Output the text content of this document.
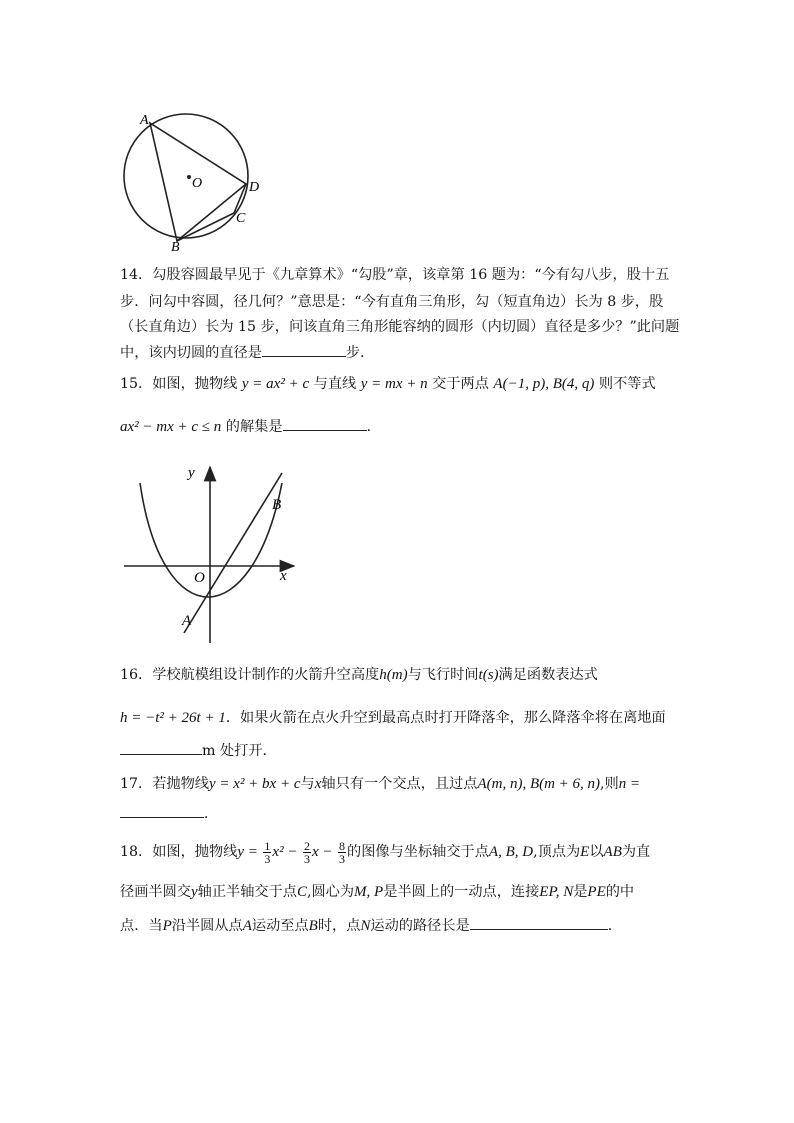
A
O	D
C
B
14．勾股容圆最早见于《九章算术》“勾股”章，该章第 16 题为：“今有勾八步，股十五
步．问勾中容圆，径几何？”意思是：“今有直角三角形，勾（短直角边）长为 8 步，股
（长直角边）长为 15 步，问该直角三角形能容纳的圆形（内切圆）直径是多少？”此问题
中，该内切圆的直径是	步．
15．如图，抛物线 y = ax² + c 与直线 y = mx + n 交于两点 A(−1, p), B(4, q) 则不等式
ax² − mx + c ≤ n 的解集是	．
y
x
O
A
B
16．学校航模组设计制作的火箭升空高度h(m)与飞行时间t(s)满足函数表达式
h = −t² + 26t + 1．如果火箭在点火升空到最高点时打开降落伞，那么降落伞将在离地面
m 处打开．
17．若抛物线y = x² + bx + c与x轴只有一个交点，且过点A(m, n), B(m + 6, n),则n =
．
18．如图，抛物线$y = \frac{1}{3} x^2 - \frac{2}{3}$ $x - \frac{8}{3}$ 的图像与坐标轴交于点A, B, D,顶点为E以AB为直
径画半圆交y轴正半轴交于点C,圆心为M, P是半圆上的一动点，连接EP, N是PE的中
点．当P沿半圆从点A运动至点B时，点N运动的路径长是	．
